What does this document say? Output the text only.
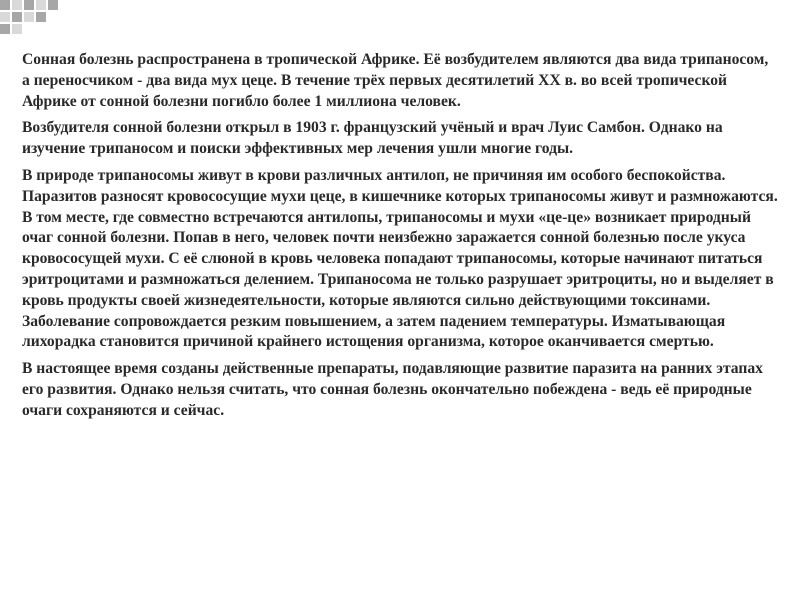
Сонная болезнь распространена в тропической Африке. Её возбудителем являются два вида трипаносом, а переносчиком - два вида мух цеце. В течение трёх первых десятилетий XX в. во всей тропической Африке от сонной болезни погибло более 1 миллиона человек.

Возбудителя сонной болезни открыл в 1903 г. французский учёный и врач Луис Самбон. Однако на изучение трипаносом и поиски эффективных мер лечения ушли многие годы.

В природе трипаносомы живут в крови различных антилоп, не причиняя им особого беспокойства. Паразитов разносят кровососущие мухи цеце, в кишечнике которых трипаносомы живут и размножаются. В том месте, где совместно встречаются антилопы, трипаносомы и мухи «це-це» возникает природный очаг сонной болезни. Попав в него, человек почти неизбежно заражается сонной болезнью после укуса кровососущей мухи. С её слюной в кровь человека попадают трипаносомы, которые начинают питаться эритроцитами и размножаться делением. Трипаносома не только разрушает эритроциты, но и выделяет в кровь продукты своей жизнедеятельности, которые являются сильно действующими токсинами. Заболевание сопровождается резким повышением, а затем падением температуры. Изматывающая лихорадка становится причиной крайнего истощения организма, которое оканчивается смертью.

В настоящее время созданы действенные препараты, подавляющие развитие паразита на ранних этапах его развития. Однако нельзя считать, что сонная болезнь окончательно побеждена - ведь её природные очаги сохраняются и сейчас.
